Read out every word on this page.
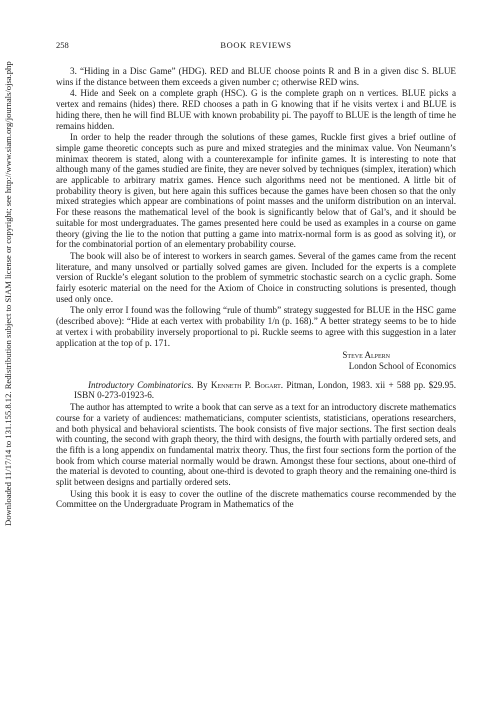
Downloaded 11/17/14 to 131.155.8.12. Redistribution subject to SIAM license or copyright; see http://www.siam.org/journals/ojsa.php
258	BOOK REVIEWS

3. “Hiding in a Disc Game” (HDG). RED and BLUE choose points R and B in a given disc S. BLUE wins if the distance between them exceeds a given number c; otherwise RED wins.

4. Hide and Seek on a complete graph (HSC). G is the complete graph on n vertices. BLUE picks a vertex and remains (hides) there. RED chooses a path in G knowing that if he visits vertex i and BLUE is hiding there, then he will find BLUE with known probability pi. The payoff to BLUE is the length of time he remains hidden.

In order to help the reader through the solutions of these games, Ruckle first gives a brief outline of simple game theoretic concepts such as pure and mixed strategies and the minimax value. Von Neumann’s minimax theorem is stated, along with a counterexample for infinite games. It is interesting to note that although many of the games studied are finite, they are never solved by techniques (simplex, iteration) which are applicable to arbitrary matrix games. Hence such algorithms need not be mentioned. A little bit of probability theory is given, but here again this suffices because the games have been chosen so that the only mixed strategies which appear are combinations of point masses and the uniform distribution on an interval. For these reasons the mathematical level of the book is significantly below that of Gal’s, and it should be suitable for most undergraduates. The games presented here could be used as examples in a course on game theory (giving the lie to the notion that putting a game into matrix-normal form is as good as solving it), or for the combinatorial portion of an elementary probability course.

The book will also be of interest to workers in search games. Several of the games came from the recent literature, and many unsolved or partially solved games are given. Included for the experts is a complete version of Ruckle’s elegant solution to the problem of symmetric stochastic search on a cyclic graph. Some fairly esoteric material on the need for the Axiom of Choice in constructing solutions is presented, though used only once.

The only error I found was the following “rule of thumb” strategy suggested for BLUE in the HSC game (described above): “Hide at each vertex with probability 1/n (p. 168).” A better strategy seems to be to hide at vertex i with probability inversely proportional to pi. Ruckle seems to agree with this suggestion in a later application at the top of p. 171.

Steve Alpern
London School of Economics

Introductory Combinatorics. By Kenneth P. Bogart. Pitman, London, 1983. xii + 588 pp. $29.95. ISBN 0-273-01923-6.

The author has attempted to write a book that can serve as a text for an introductory discrete mathematics course for a variety of audiences: mathematicians, computer scientists, statisticians, operations researchers, and both physical and behavioral scientists. The book consists of five major sections. The first section deals with counting, the second with graph theory, the third with designs, the fourth with partially ordered sets, and the fifth is a long appendix on fundamental matrix theory. Thus, the first four sections form the portion of the book from which course material normally would be drawn. Amongst these four sections, about one-third of the material is devoted to counting, about one-third is devoted to graph theory and the remaining one-third is split between designs and partially ordered sets.

Using this book it is easy to cover the outline of the discrete mathematics course recommended by the Committee on the Undergraduate Program in Mathematics of the
